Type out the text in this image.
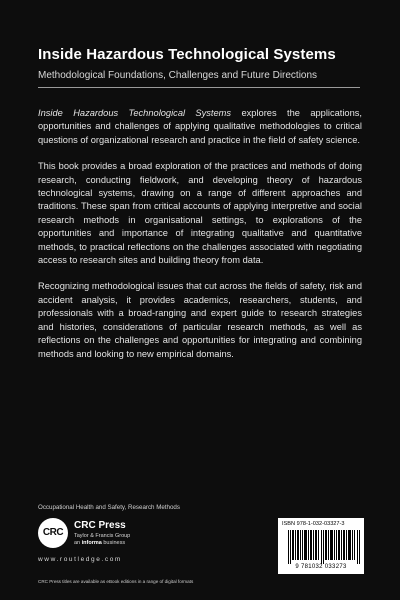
Inside Hazardous Technological Systems
Methodological Foundations, Challenges and Future Directions

Inside Hazardous Technological Systems explores the applications, opportunities and challenges of applying qualitative methodologies to critical questions of organizational research and practice in the field of safety science.

This book provides a broad exploration of the practices and methods of doing research, conducting fieldwork, and developing theory of hazardous technological systems, drawing on a range of different approaches and traditions. These span from critical accounts of applying interpretive and social research methods in organisational settings, to explorations of the opportunities and importance of integrating qualitative and quantitative methods, to practical reflections on the challenges associated with negotiating access to research sites and building theory from data.

Recognizing methodological issues that cut across the fields of safety, risk and accident analysis, it provides academics, researchers, students, and professionals with a broad-ranging and expert guide to research strategies and histories, considerations of particular research methods, as well as reflections on the challenges and opportunities for integrating and combining methods and looking to new empirical domains.

Occupational Health and Safety, Research Methods
CRC
CRC Press
Taylor & Francis Group
an informa business
www.routledge.com
ISBN 978-1-032-03327-3
9 781032 033273
CRC Press titles are available as eBook editions in a range of digital formats
